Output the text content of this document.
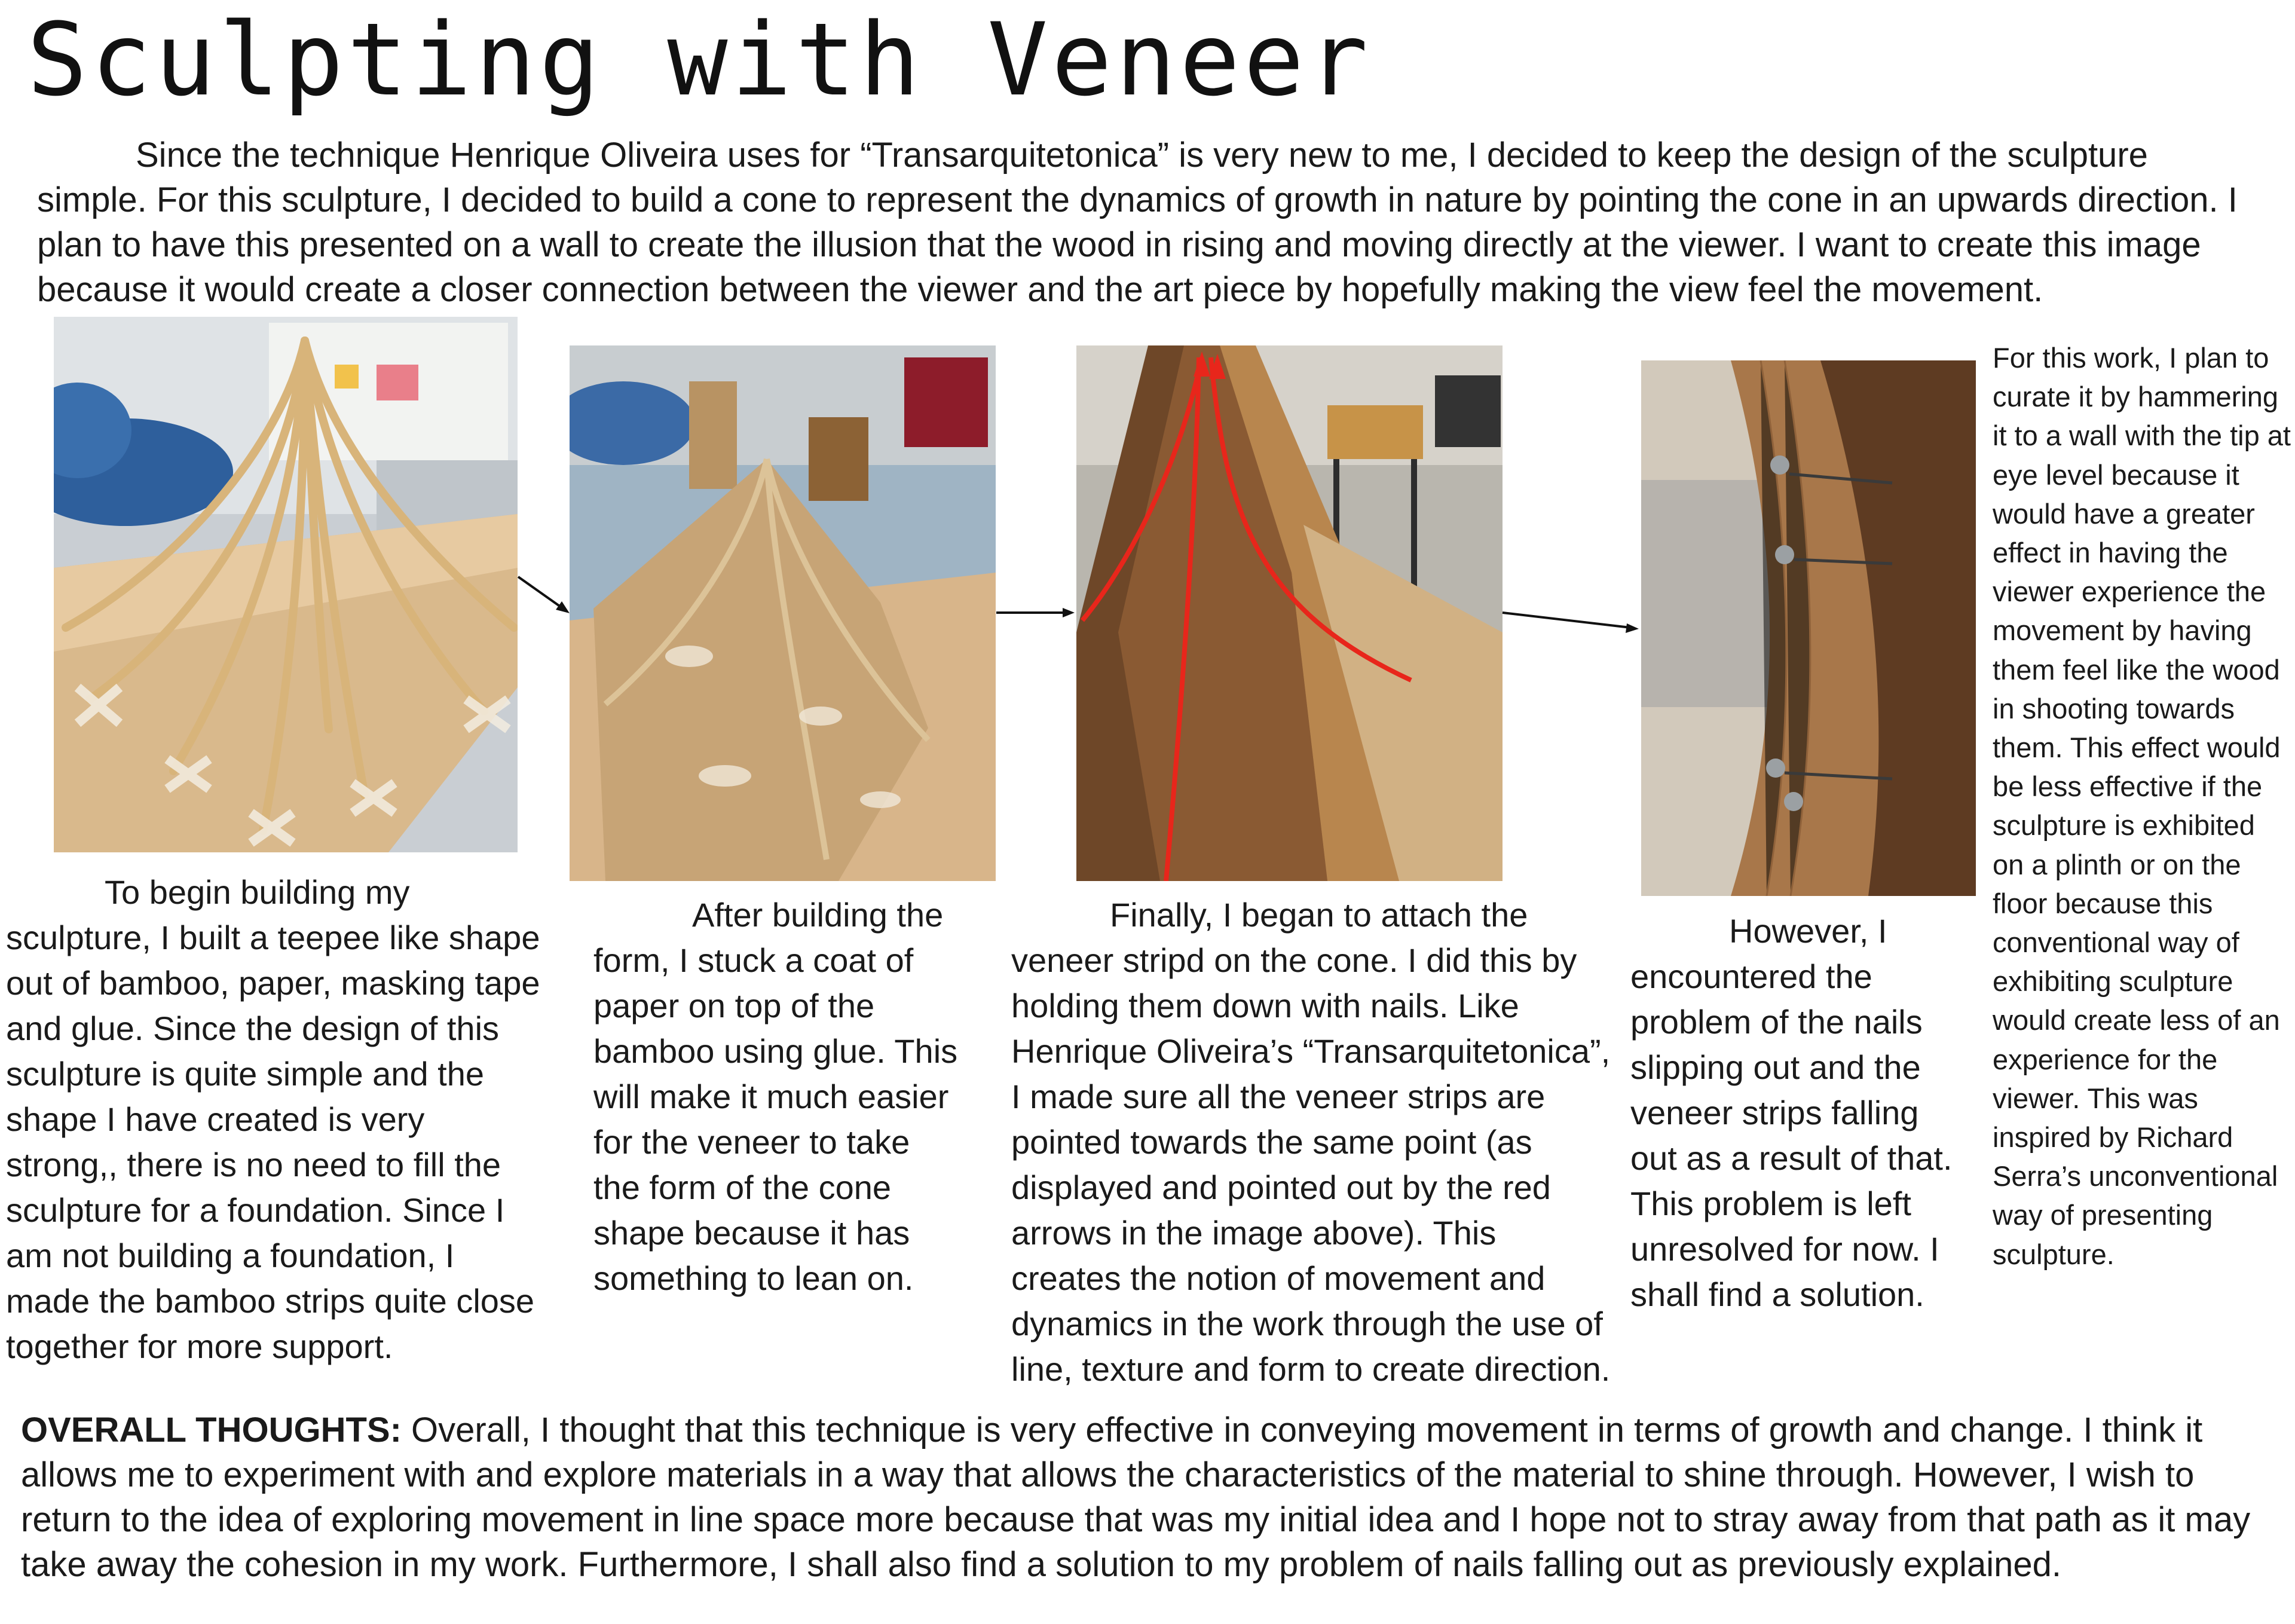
Sculpting with Veneer

Since the technique Henrique Oliveira uses for “Transarquitetonica” is very new to me, I decided to keep the design of the sculpture simple. For this sculpture, I decided to build a cone to represent the dynamics of growth in nature by pointing the cone in an upwards direction. I plan to have this presented on a wall to create the illusion that the wood in rising and moving directly at the viewer. I want to create this image because it would create a closer connection between the viewer and the art piece by hopefully making the view feel the movement.

To begin building my sculpture, I built a teepee like shape out of bamboo, paper, masking tape and glue. Since the design of this sculpture is quite simple and the shape I have created is very strong,, there is no need to fill the sculpture for a foundation. Since I am not building a foundation, I made the bamboo strips quite close together for more support.

After building the form, I stuck a coat of paper on top of the bamboo using glue. This will make it much easier for the veneer to take the form of the cone shape because it has something to lean on.

Finally, I began to attach the veneer stripd on the cone. I did this by holding them down with nails. Like Henrique Oliveira’s “Transarquitetonica”, I made sure all the veneer strips are pointed towards the same point (as displayed and pointed out by the red arrows in the image above). This creates the notion of movement and dynamics in the work through the use of line, texture and form to create direction.

However, I encountered the problem of the nails slipping out and the veneer strips falling out as a result of that. This problem is left unresolved for now. I shall find a solution.

For this work, I plan to curate it by hammering it to a wall with the tip at eye level because it would have a greater effect in having the viewer experience the movement by having them feel like the wood in shooting towards them. This effect would be less effective if the sculpture is exhibited on a plinth or on the floor because this conventional way of exhibiting sculpture would create less of an experience for the viewer. This was inspired by Richard Serra’s unconventional way of presenting sculpture.

OVERALL THOUGHTS: Overall, I thought that this technique is very effective in conveying movement in terms of growth and change. I think it allows me to experiment with and explore materials in a way that allows the characteristics of the material to shine through. However, I wish to return to the idea of exploring movement in line space more because that was my initial idea and I hope not to stray away from that path as it may take away the cohesion in my work. Furthermore, I shall also find a solution to my problem of nails falling out as previously explained.
